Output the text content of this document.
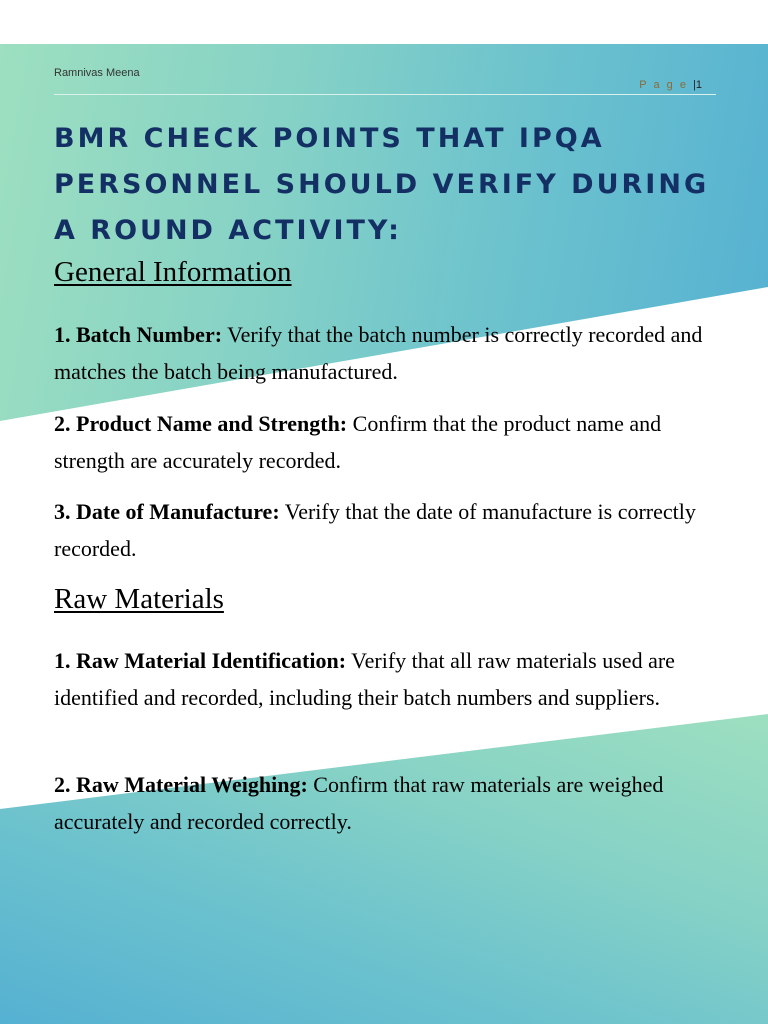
Ramnivas Meena
P a g e |1
BMR CHECK POINTS THAT IPQA PERSONNEL SHOULD VERIFY DURING A ROUND ACTIVITY:
General Information

1. Batch Number: Verify that the batch number is correctly recorded and matches the batch being manufactured.

2. Product Name and Strength: Confirm that the product name and strength are accurately recorded.

3. Date of Manufacture: Verify that the date of manufacture is correctly recorded.

Raw Materials

1. Raw Material Identification: Verify that all raw materials used are identified and recorded, including their batch numbers and suppliers.

2. Raw Material Weighing: Confirm that raw materials are weighed accurately and recorded correctly.
